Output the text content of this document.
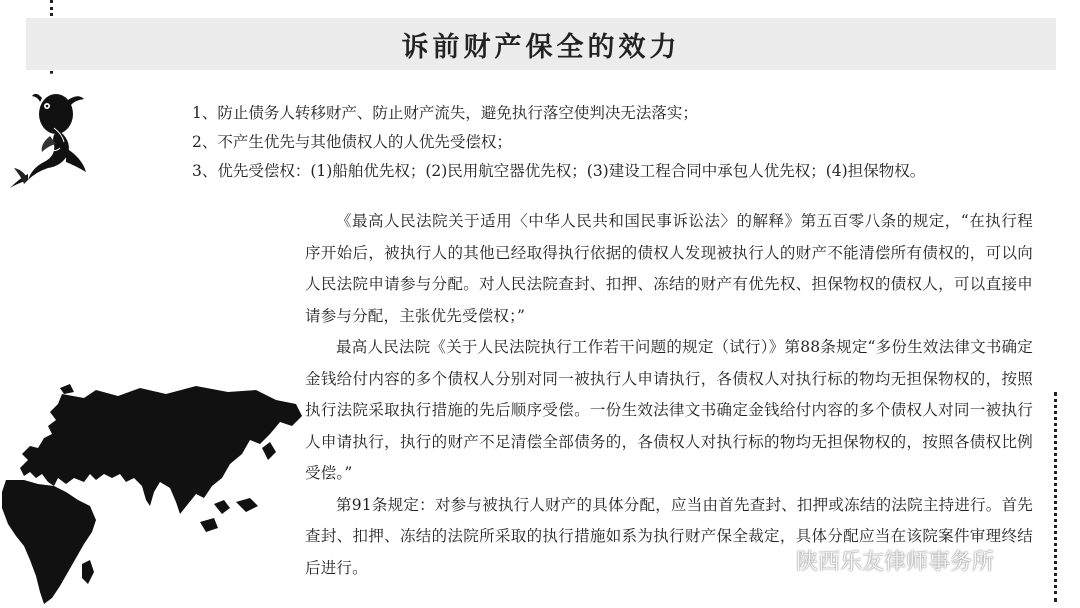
诉前财产保全的效力
1、防止债务人转移财产、防止财产流失，避免执行落空使判决无法落实；
2、不产生优先与其他债权人的人优先受偿权；
3、优先受偿权：(1)船舶优先权；(2)民用航空器优先权；(3)建设工程合同中承包人优先权；(4)担保物权。

《最高人民法院关于适用〈中华人民共和国民事诉讼法〉的解释》第五百零八条的规定，“在执行程序开始后，被执行人的其他已经取得执行依据的债权人发现被执行人的财产不能清偿所有债权的，可以向人民法院申请参与分配。对人民法院查封、扣押、冻结的财产有优先权、担保物权的债权人，可以直接申请参与分配，主张优先受偿权；”

最高人民法院《关于人民法院执行工作若干问题的规定（试行）》第88条规定“多份生效法律文书确定金钱给付内容的多个债权人分别对同一被执行人申请执行，各债权人对执行标的物均无担保物权的，按照执行法院采取执行措施的先后顺序受偿。一份生效法律文书确定金钱给付内容的多个债权人对同一被执行人申请执行，执行的财产不足清偿全部债务的，各债权人对执行标的物均无担保物权的，按照各债权比例受偿。”

第91条规定：对参与被执行人财产的具体分配，应当由首先查封、扣押或冻结的法院主持进行。首先查封、扣押、冻结的法院所采取的执行措施如系为执行财产保全裁定，具体分配应当在该院案件审理终结后进行。	陕西乐友律师事务所
